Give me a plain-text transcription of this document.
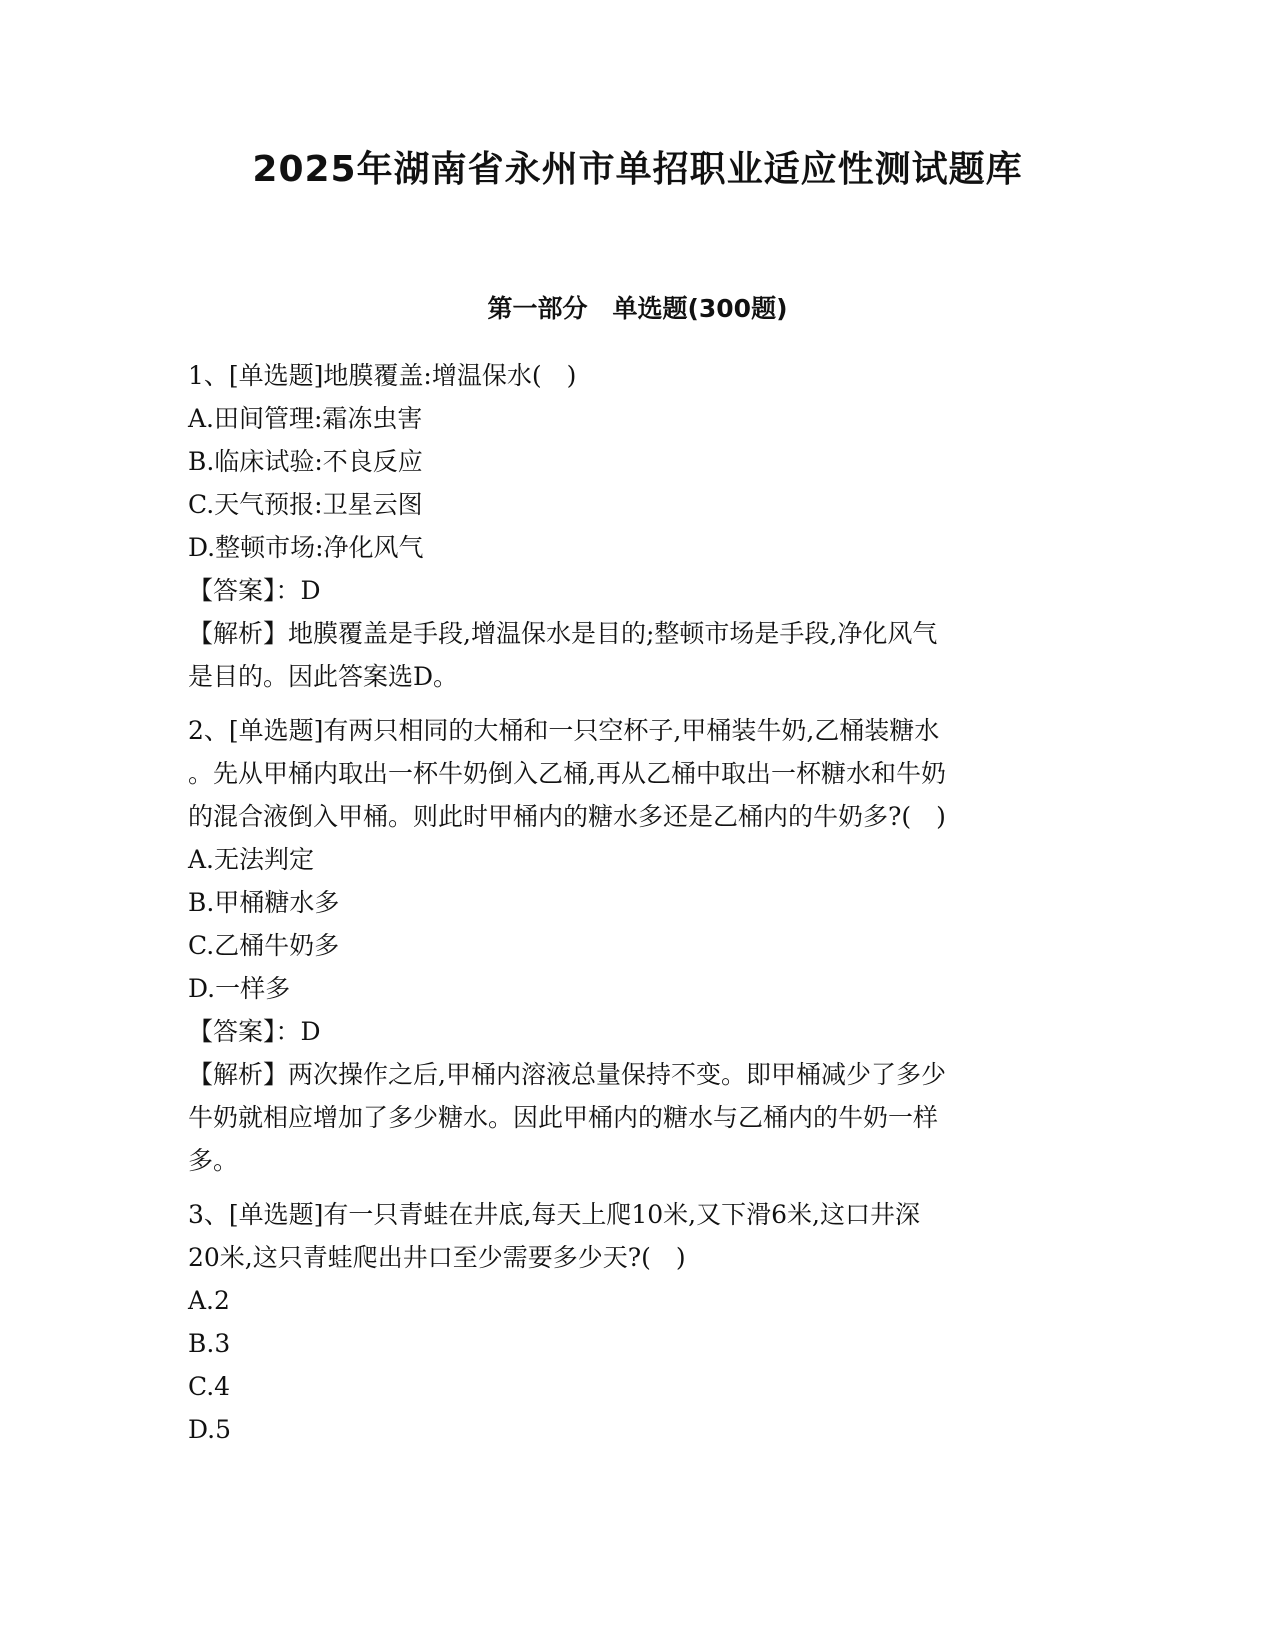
2025年湖南省永州市单招职业适应性测试题库
第一部分　单选题(300题)
1、[单选题]地膜覆盖:增温保水(　)
A.田间管理:霜冻虫害
B.临床试验:不良反应
C.天气预报:卫星云图
D.整顿市场:净化风气
【答案】：D
【解析】地膜覆盖是手段,增温保水是目的;整顿市场是手段,净化风气
是目的。因此答案选D。
2、[单选题]有两只相同的大桶和一只空杯子,甲桶装牛奶,乙桶装糖水
。先从甲桶内取出一杯牛奶倒入乙桶,再从乙桶中取出一杯糖水和牛奶
的混合液倒入甲桶。则此时甲桶内的糖水多还是乙桶内的牛奶多?(　)
A.无法判定
B.甲桶糖水多
C.乙桶牛奶多
D.一样多
【答案】：D
【解析】两次操作之后,甲桶内溶液总量保持不变。即甲桶减少了多少
牛奶就相应增加了多少糖水。因此甲桶内的糖水与乙桶内的牛奶一样
多。
3、[单选题]有一只青蛙在井底,每天上爬10米,又下滑6米,这口井深
20米,这只青蛙爬出井口至少需要多少天?(　)
A.2
B.3
C.4
D.5
